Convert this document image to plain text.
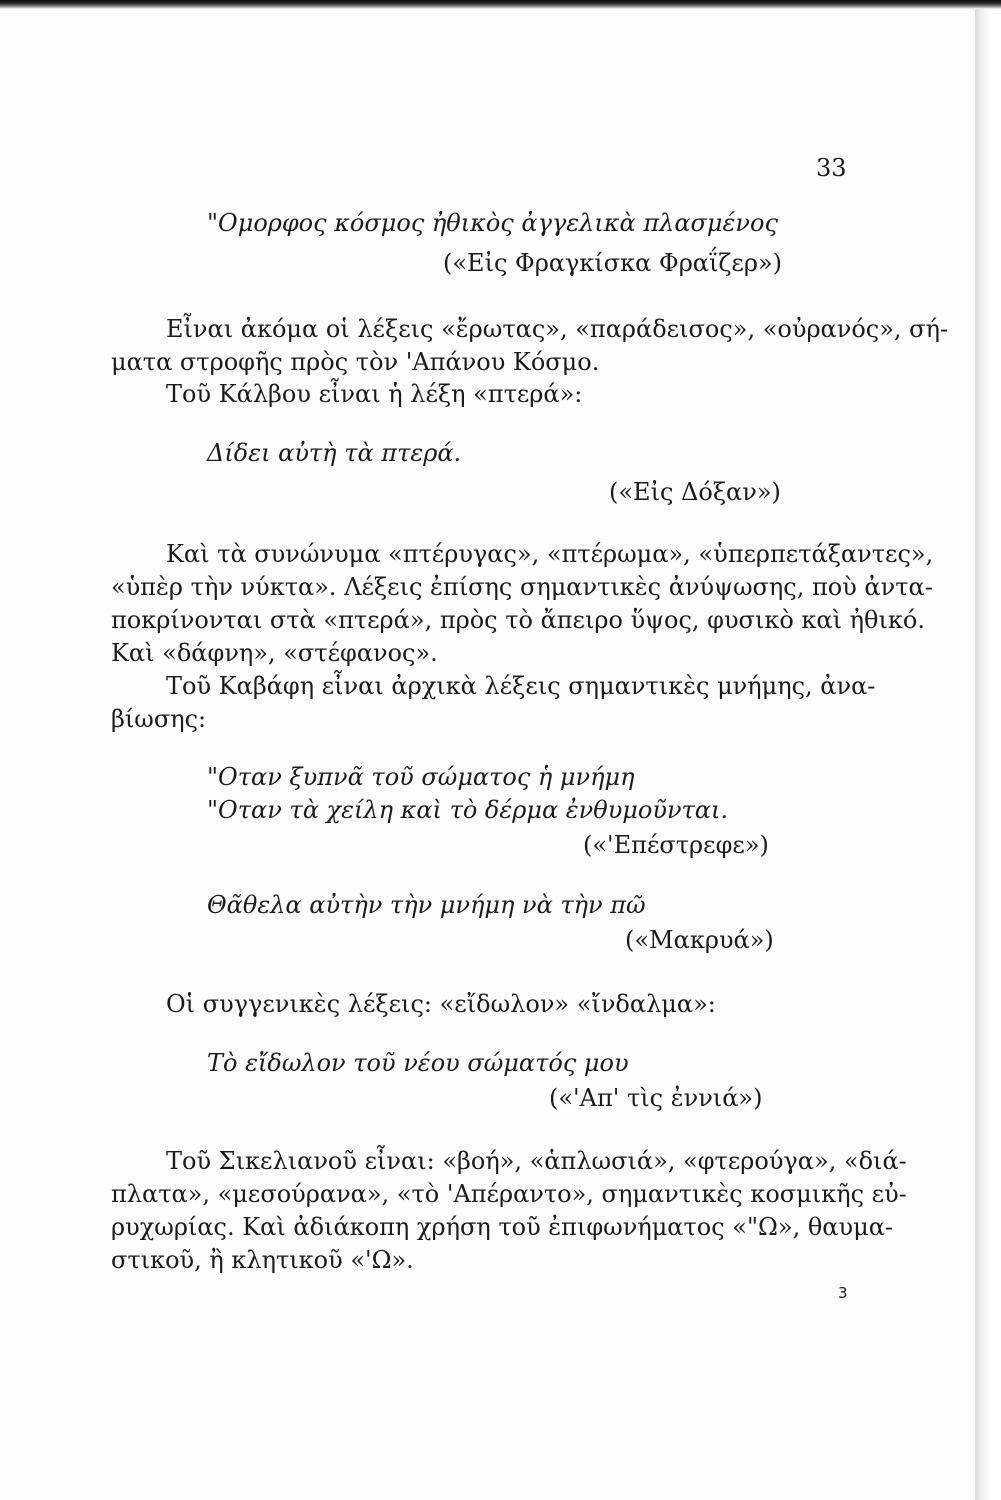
33
"Ομορφος κόσμος ἠθικὸς ἀγγελικὰ πλασμένος
(«Εἰς Φραγκίσκα Φραΐζερ»)
Εἶναι ἀκόμα οἱ λέξεις «ἔρωτας», «παράδεισος», «οὐρανός», σή-
ματα στροφῆς πρὸς τὸν 'Απάνου Κόσμο.
Τοῦ Κάλβου εἶναι ἡ λέξη «πτερά»:
Δίδει αὐτὴ τὰ πτερά.
(«Εἰς Δόξαν»)
Καὶ τὰ συνώνυμα «πτέρυγας», «πτέρωμα», «ὑπερπετάξαντες»,
«ὑπὲρ τὴν νύκτα». Λέξεις ἐπίσης σημαντικὲς ἀνύψωσης, ποὺ ἀντα-
ποκρίνονται στὰ «πτερά», πρὸς τὸ ἄπειρο ὕψος, φυσικὸ καὶ ἠθικό.
Καὶ «δάφνη», «στέφανος».
Τοῦ Καβάφη εἶναι ἀρχικὰ λέξεις σημαντικὲς μνήμης, ἀνα-
βίωσης:
"Οταν ξυπνᾶ τοῦ σώματος ἡ μνήμη
"Οταν τὰ χείλη καὶ τὸ δέρμα ἐνθυμοῦνται.
(«'Επέστρεφε»)
Θᾶθελα αὐτὴν τὴν μνήμη νὰ τὴν πῶ
(«Μακρυά»)
Οἱ συγγενικὲς λέξεις: «εἴδωλον» «ἴνδαλμα»:
Τὸ εἴδωλον τοῦ νέου σώματός μου
(«'Απ' τὶς ἐννιά»)
Τοῦ Σικελιανοῦ εἶναι: «βοή», «ἁπλωσιά», «φτερούγα», «διά-
πλατα», «μεσούρανα», «τὸ 'Απέραντο», σημαντικὲς κοσμικῆς εὐ-
ρυχωρίας. Καὶ ἀδιάκοπη χρήση τοῦ ἐπιφωνήματος «"Ω», θαυμα-
στικοῦ, ἢ κλητικοῦ «'Ω».
3
